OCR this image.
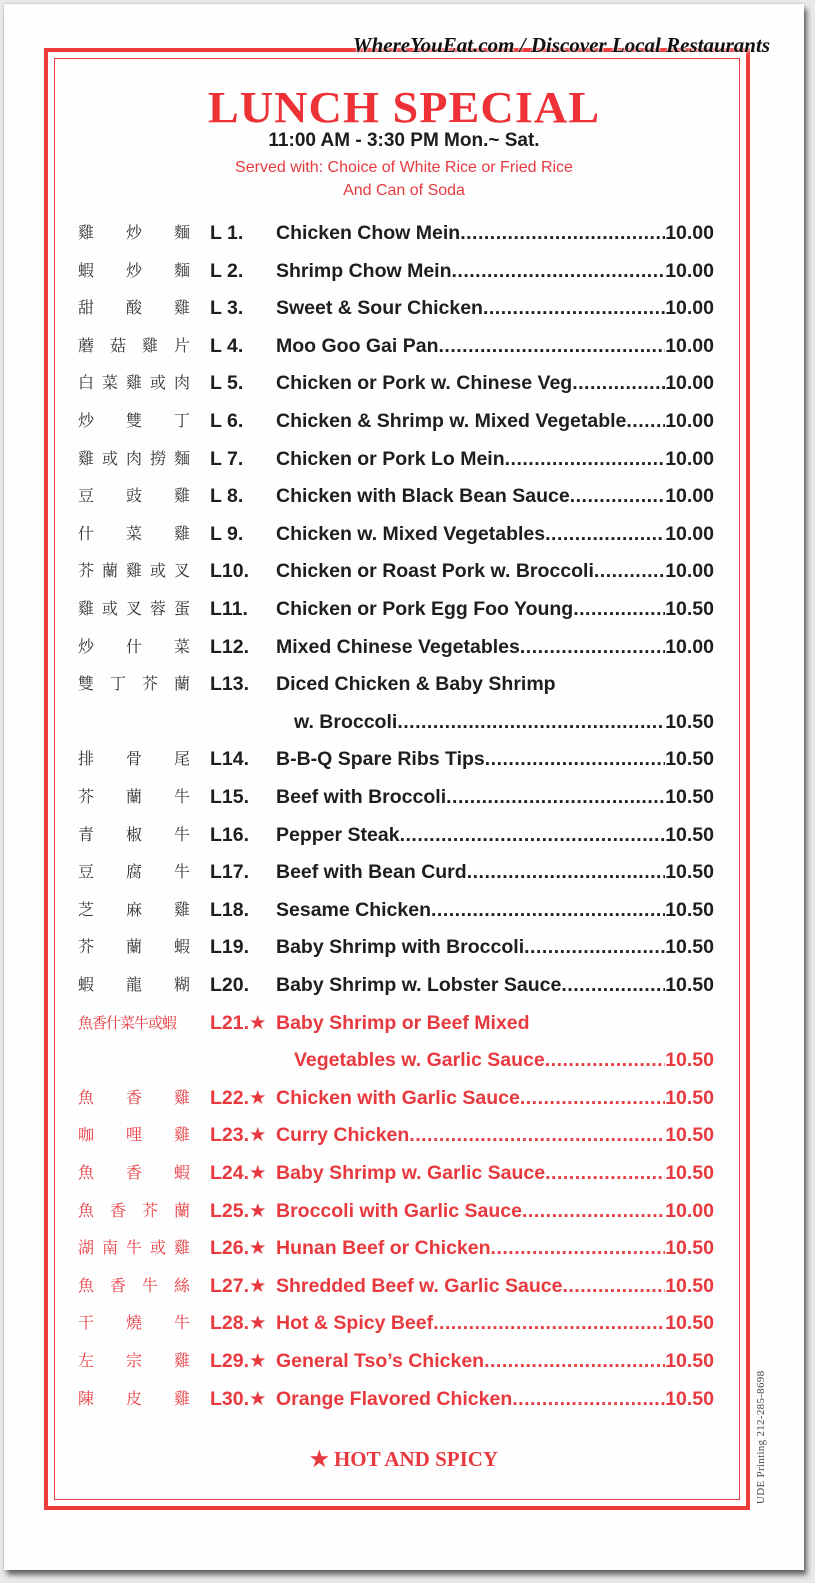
WhereYouEat.com / Discover Local Restaurants
LUNCH SPECIAL
11:00 AM - 3:30 PM Mon.~ Sat.
Served with: Choice of White Rice or Fried Rice
And Can of Soda
雞 炒 麵 L 1. Chicken Chow Mein .....	10.00
蝦 炒 麵 L 2. Shrimp Chow Mein .....	10.00
甜 酸 雞 L 3. Sweet & Sour Chicken .....	10.00
蘑 菇 雞 片 L 4. Moo Goo Gai Pan .....	10.00
白 菜 雞 或 肉 L 5. Chicken or Pork w. Chinese Veg .....	10.00
炒 雙 丁 L 6. Chicken & Shrimp w. Mixed Vegetable ..... 10.00
雞 或 肉 撈 麵 L 7. Chicken or Pork Lo Mein .....	10.00
豆 豉 雞 L 8. Chicken with Black Bean Sauce .....	10.00
什 菜 雞 L 9. Chicken w. Mixed Vegetables .....	10.00
芥 蘭 雞 或 叉 L10. Chicken or Roast Pork w. Broccoli .....	10.00
雞 或 叉 蓉 蛋 L11. Chicken or Pork Egg Foo Young .....	10.50
炒 什 菜 L12. Mixed Chinese Vegetables .....	10.00
雙 丁 芥 蘭 L13. Diced Chicken & Baby Shrimp
w. Broccoli .....	10.50
排 骨 尾 L14. B-B-Q Spare Ribs Tips .....	10.50
芥 蘭 牛 L15. Beef with Broccoli .....	10.50
青 椒 牛 L16. Pepper Steak .....	10.50
豆 腐 牛 L17. Beef with Bean Curd .....	10.50
芝 麻 雞 L18. Sesame Chicken .....	10.50
芥 蘭 蝦 L19. Baby Shrimp with Broccoli .....	10.50
蝦 龍 糊 L20. Baby Shrimp w. Lobster Sauce .....	10.50
魚香什菜牛或蝦 L21.★ Baby Shrimp or Beef Mixed
Vegetables w. Garlic Sauce .....	10.50
魚 香 雞 L22.★ Chicken with Garlic Sauce .....	10.50
咖 哩 雞 L23.★ Curry Chicken .....	10.50
魚 香 蝦 L24.★ Baby Shrimp w. Garlic Sauce .....	10.50
魚 香 芥 蘭 L25.★ Broccoli with Garlic Sauce .....	10.00
湖 南 牛 或 雞 L26.★ Hunan Beef or Chicken .....	10.50
魚 香 牛 絲 L27.★ Shredded Beef w. Garlic Sauce .....	10.50
干 燒 牛 L28.★ Hot & Spicy Beef .....	10.50
左 宗 雞 L29.★ General Tso’s Chicken .....	10.50
陳 皮 雞 L30.★ Orange Flavored Chicken .....	10.50
★ HOT AND SPICY	UDE Printing 212-285-8698
